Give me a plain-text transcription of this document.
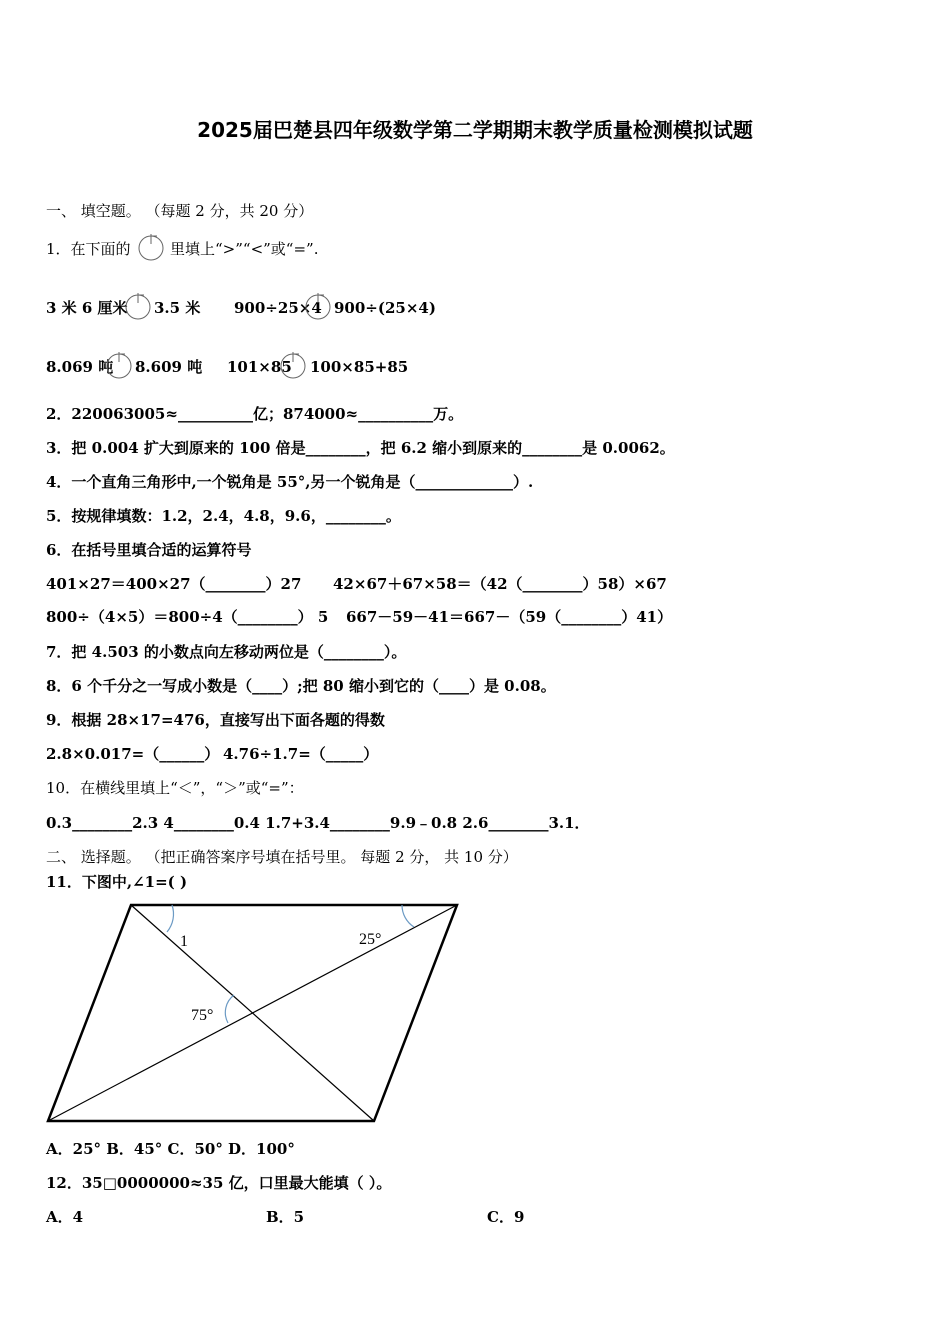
2025届巴楚县四年级数学第二学期期末教学质量检测模拟试题
一、 填空题。 （每题 2 分，共 20 分）
1．在下面的	里填上“>”“<”或“=”.
3 米 6 厘米 3.5 米 900÷25×4 900÷(25×4)
8.069 吨 8.609 吨 101×85 100×85+85
2．220063005≈__________亿；874000≈__________万。
3．把 0.004 扩大到原来的 100 倍是________，把 6.2 缩小到原来的________是 0.0062。
4．一个直角三角形中,一个锐角是 55°,另一个锐角是（_____________）.
5．按规律填数：1.2，2.4，4.8，9.6，________。
6．在括号里填合适的运算符号
401×27＝400×27（________）27 42×67＋67×58＝（42（________）58）×67
800÷（4×5）＝800÷4（________） 5 667－59－41＝667－（59（________）41）
7．把 4.503 的小数点向左移动两位是（________）。
8．6 个千分之一写成小数是（____）;把 80 缩小到它的（____）是 0.08。
9．根据 28×17=476，直接写出下面各题的得数
2.8×0.017=（______） 4.76÷1.7=（_____）
10．在横线里填上“＜”，“＞”或“=”：
0.3________2.3 4________0.4 1.7+3.4________9.9﹣0.8 2.6________3.1．
二、 选择题。 （把正确答案序号填在括号里。 每题 2 分， 共 10 分）
11．下图中,∠1=( )
1	25°
75°
A．25° B．45° C．50° D．100°
12．35□0000000≈35 亿，口里最大能填（ ）。
A．4	B．5	C．9
